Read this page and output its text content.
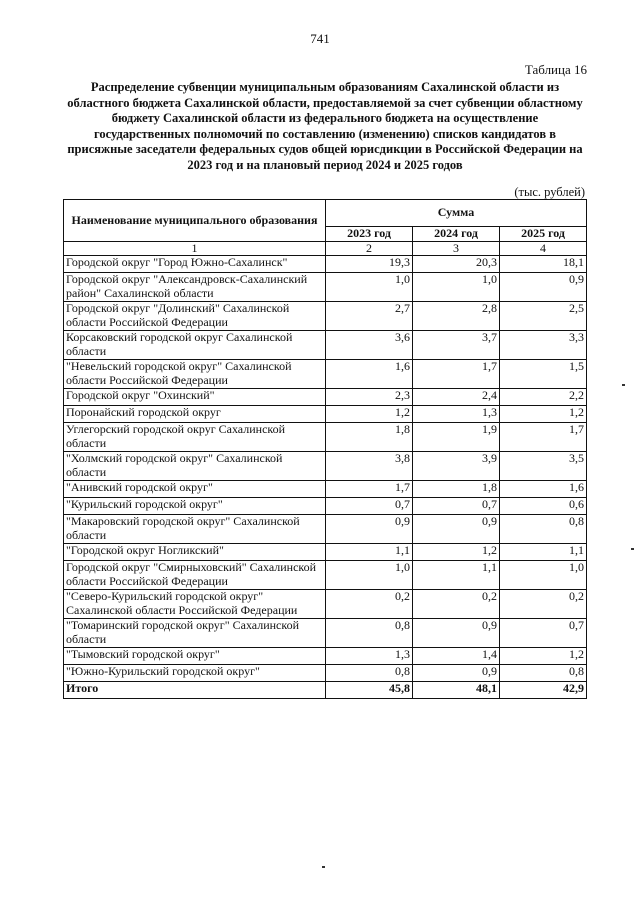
741
Таблица 16
Распределение субвенции муниципальным образованиям Сахалинской области из областного бюджета Сахалинской области, предоставляемой за счет субвенции областному бюджету Сахалинской области из федерального бюджета на осуществление государственных полномочий по составлению (изменению) списков кандидатов в присяжные заседатели федеральных судов общей юрисдикции в Российской Федерации на 2023 год и на плановый период 2024 и 2025 годов
(тыс. рублей)
Наименование муниципального образования	Сумма		
	2023 год	2024 год	2025 год
1	2	3	4
Городской округ "Город Южно-Сахалинск"	19,3	20,3	18,1
Городской округ "Александровск-Сахалинский район" Сахалинской области	1,0	1,0	0,9
Городской округ "Долинский" Сахалинской области Российской Федерации	2,7	2,8	2,5
Корсаковский городской округ Сахалинской области	3,6	3,7	3,3
"Невельский городской округ" Сахалинской области Российской Федерации	1,6	1,7	1,5
Городской округ "Охинский"	2,3	2,4	2,2
Поронайский городской округ	1,2	1,3	1,2
Углегорский городской округ Сахалинской области	1,8	1,9	1,7
"Холмский городской округ" Сахалинской области	3,8	3,9	3,5
"Анивский городской округ"	1,7	1,8	1,6
"Курильский городской округ"	0,7	0,7	0,6
"Макаровский городской округ" Сахалинской области	0,9	0,9	0,8
"Городской округ Ногликский"	1,1	1,2	1,1
Городской округ "Смирныховский" Сахалинской области Российской Федерации	1,0	1,1	1,0
"Северо-Курильский городской округ" Сахалинской области Российской Федерации	0,2	0,2	0,2
"Томаринский городской округ" Сахалинской области	0,8	0,9	0,7
"Тымовский городской округ"	1,3	1,4	1,2
"Южно-Курильский городской округ"	0,8	0,9	0,8
Итого	45,8	48,1	42,9
